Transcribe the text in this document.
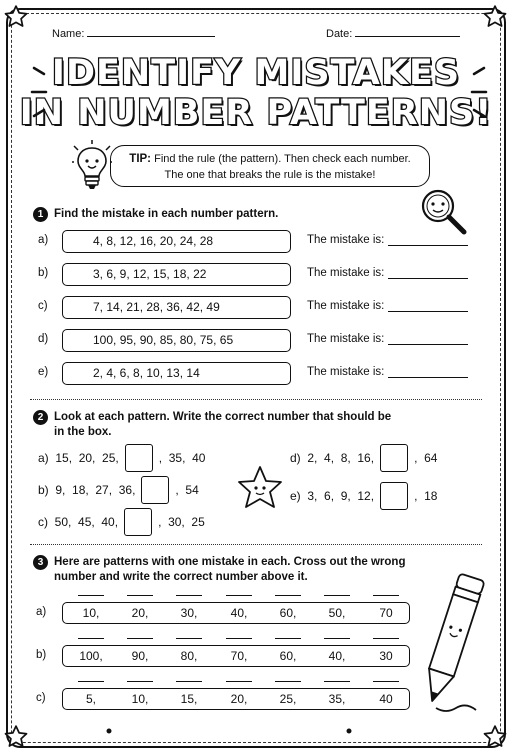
Name:	Date:
IDENTIFY MISTAKES
IN NUMBER PATTERNS!
TIP: Find the rule (the pattern). Then check each number.
The one that breaks the rule is the mistake!
1 Find the mistake in each number pattern.
a)	4, 8, 12, 16, 20, 24, 28	The mistake is:
b)	3, 6, 9, 12, 15, 18, 22	The mistake is:
c)	7, 14, 21, 28, 36, 42, 49	The mistake is:
d)	100, 95, 90, 85, 80, 75, 65	The mistake is:
e)	2, 4, 6, 8, 10, 13, 14	The mistake is:
2 Look at each pattern. Write the correct number that should be
in the box.
a)
15,  20,  25,	,  35,  40
b)
9,  18,  27,  36,	,  54
c)
50,  45,  40,	,  30,  25
d)
2,  4,  8,  16,	,  64
e)
3,  6,  9,  12,	,  18
3 Here are patterns with one mistake in each. Cross out the wrong
number and write the correct number above it.
a)	10,	20,	30,	40,	60,	50,	70
b)	100, 90,	80,	70,	60,	40,	30
c)	5,	10,	15,	20,	25,	35,	40
